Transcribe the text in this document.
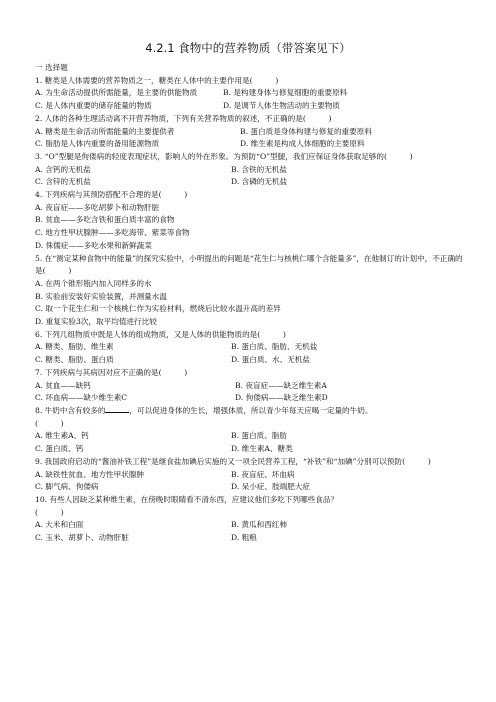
4.2.1 食物中的营养物质（带答案见下）
一 选择题
1. 糖类是人体需要的营养物质之一，糖类在人体中的主要作用是(　　　)
A. 为生命活动提供所需能量，是主要的供能物质	B. 是构建身体与修复细胞的重要原料
C. 是人体内重要的储存能量的物质	D. 是调节人体生物活动的主要物质
2. 人体的各种生理活动离不开营养物质，下列有关营养物质的叙述，不正确的是(　　　)
A. 糖类是生命活动所需能量的主要提供者	B. 蛋白质是身体构建与修复的重要原料
C. 脂肪是人体内重要的备用能源物质	D. 维生素是构成人体细胞的主要原料
3. “O”型腿是佝偻病的轻度表现症状，影响人的外在形象。为预防“O”型腿，我们应保证身体获取足够的(　　　)
A. 含钙的无机盐	B. 含铁的无机盐
C. 含锌的无机盐	D. 含磷的无机盐
4. 下列疾病与其预防搭配不合理的是(　　　)
A. 夜盲症——多吃胡萝卜和动物肝脏
B. 贫血——多吃含铁和蛋白质丰富的食物
C. 地方性甲状腺肿——多吃海带、紫菜等食物
D. 侏儒症——多吃水果和新鲜蔬菜
5. 在“测定某种食物中的能量”的探究实验中，小明提出的问题是“花生仁与核桃仁哪个含能量多”，在他制订的计划中，不正确的是(　　　)
A. 在两个锥形瓶内加入同样多的水
B. 实验前安装好实验装置，并测量水温
C. 取一个花生仁和一个核桃仁作为实验材料，燃烧后比较水温升高的差异
D. 重复实验3次，取平均值进行比较
6. 下列几组物质中既是人体的组成物质，又是人体的供能物质的是(　　　)
A. 糖类、脂肪、维生素	B. 蛋白质、脂肪、无机盐
C. 糖类、脂肪、蛋白质	D. 蛋白质、水、无机盐
7. 下列疾病与其病因对应不正确的是(　　　)
A. 贫血——缺钙	B. 夜盲症——缺乏维生素A
C. 坏血病——缺少维生素C	D. 佝偻病——缺乏维生素D
8. 牛奶中含有较多的	，可以促进身体的生长，增强体质，所以青少年每天应喝一定量的牛奶。
(　　　)
A. 维生素A、钙	B. 蛋白质、脂肪
C. 蛋白质、钙	D. 维生素A、糖类
9. 我国政府启动的“酱油补铁工程”是继食盐加碘后实施的又一项全民营养工程，“补铁”和“加碘”分别可以预防(　　　)
A. 缺铁性贫血、地方性甲状腺肿	B. 夜盲症、坏血病
C. 脚气病、佝偻病	D. 呆小症、肢端肥大症
10. 有些人因缺乏某种维生素，在傍晚时眼睛看不清东西，应建议他们多吃下列哪些食品？
(　　　)
A. 大米和白面	B. 黄瓜和西红柿
C. 玉米、胡萝卜、动物肝脏	D. 粗粮
